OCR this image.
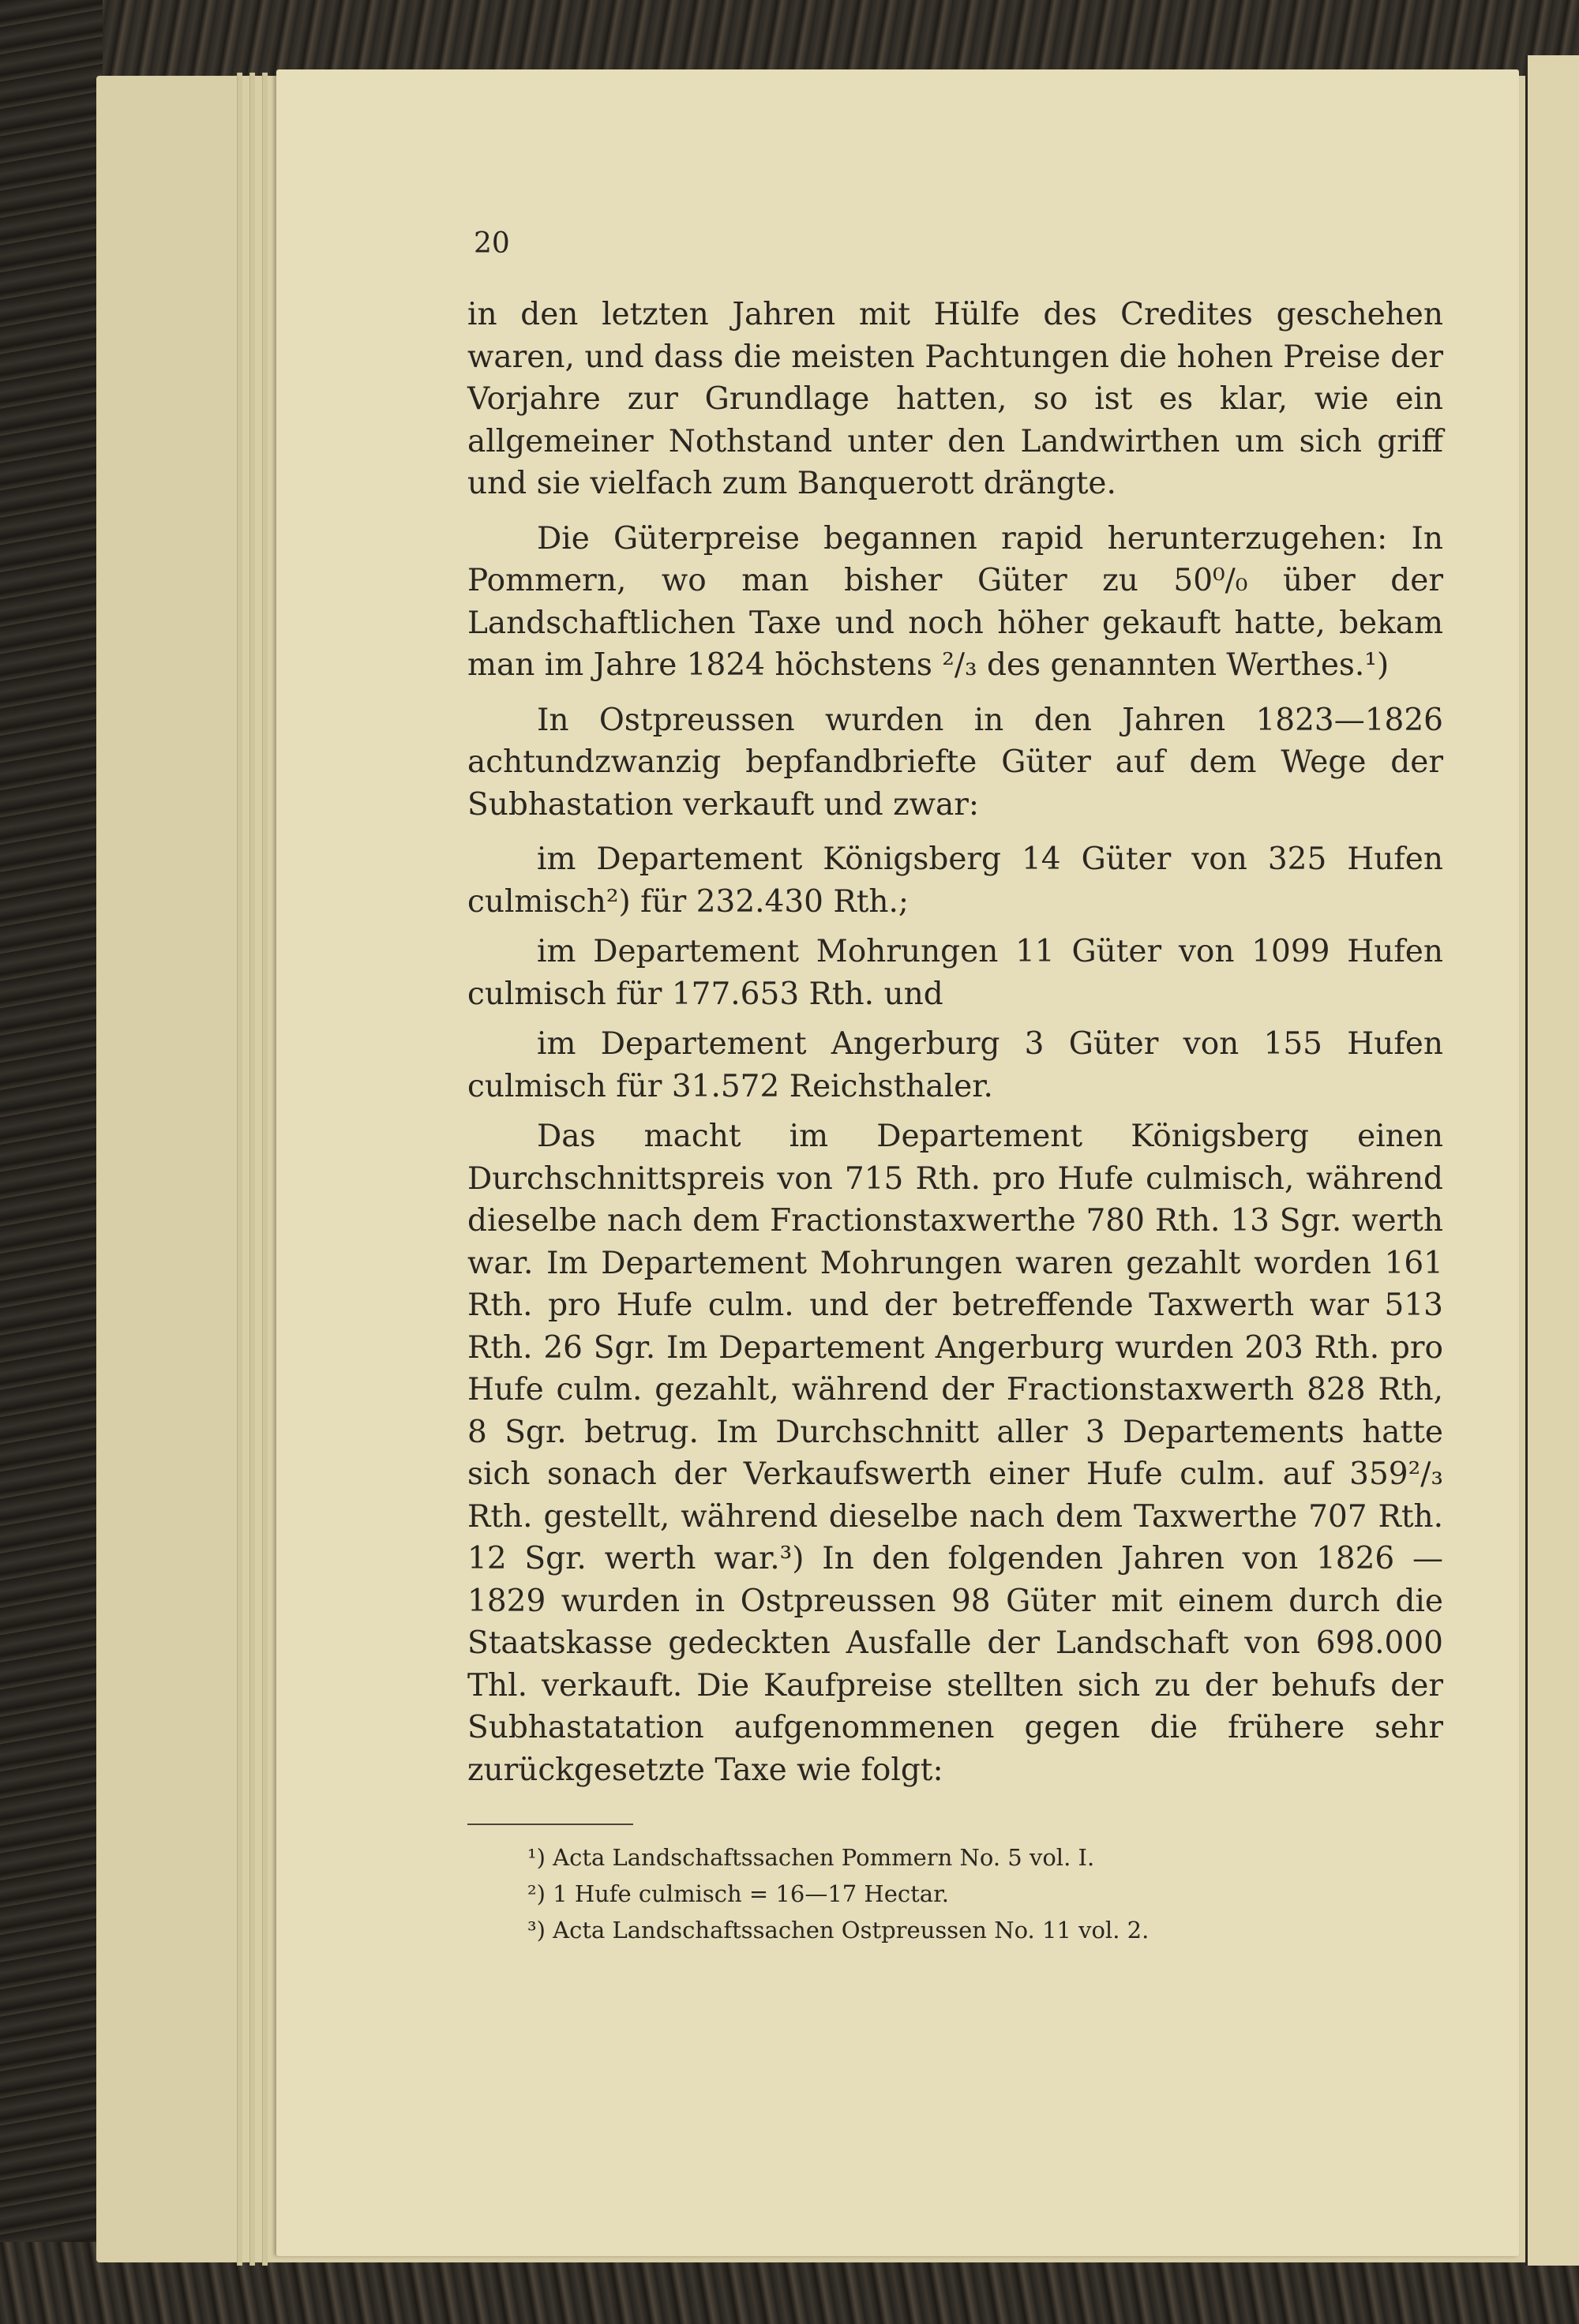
20

in den letzten Jahren mit Hülfe des Credites geschehen waren, und dass die meisten Pachtungen die hohen Preise der Vorjahre zur Grundlage hatten, so ist es klar, wie ein allgemeiner Nothstand unter den Landwirthen um sich griff und sie vielfach zum Banquerott drängte.

Die Güterpreise begannen rapid herunterzugehen: In Pommern, wo man bisher Güter zu 50⁰/₀ über der Landschaftlichen Taxe und noch höher gekauft hatte, bekam man im Jahre 1824 höchstens ²/₃ des genannten Werthes.¹)

In Ostpreussen wurden in den Jahren 1823—1826 achtundzwanzig bepfandbriefte Güter auf dem Wege der Subhastation verkauft und zwar:

im Departement Königsberg 14 Güter von 325 Hufen culmisch²) für 232.430 Rth.;

im Departement Mohrungen 11 Güter von 1099 Hufen culmisch für 177.653 Rth. und

im Departement Angerburg 3 Güter von 155 Hufen culmisch für 31.572 Reichsthaler.

Das macht im Departement Königsberg einen Durchschnittspreis von 715 Rth. pro Hufe culmisch, während dieselbe nach dem Fractionstaxwerthe 780 Rth. 13 Sgr. werth war. Im Departement Mohrungen waren gezahlt worden 161 Rth. pro Hufe culm. und der betreffende Taxwerth war 513 Rth. 26 Sgr. Im Departement Angerburg wurden 203 Rth. pro Hufe culm. gezahlt, während der Fractionstaxwerth 828 Rth, 8 Sgr. betrug. Im Durchschnitt aller 3 Departements hatte sich sonach der Verkaufswerth einer Hufe culm. auf 359²/₃ Rth. gestellt, während dieselbe nach dem Taxwerthe 707 Rth. 12 Sgr. werth war.³) In den folgenden Jahren von 1826 — 1829 wurden in Ostpreussen 98 Güter mit einem durch die Staatskasse gedeckten Ausfalle der Landschaft von 698.000 Thl. verkauft. Die Kaufpreise stellten sich zu der behufs der Subhastatation aufgenommenen gegen die frühere sehr zurückgesetzte Taxe wie folgt:

¹) Acta Landschaftssachen Pommern No. 5 vol. I.
²) 1 Hufe culmisch = 16—17 Hectar.
³) Acta Landschaftssachen Ostpreussen No. 11 vol. 2.
